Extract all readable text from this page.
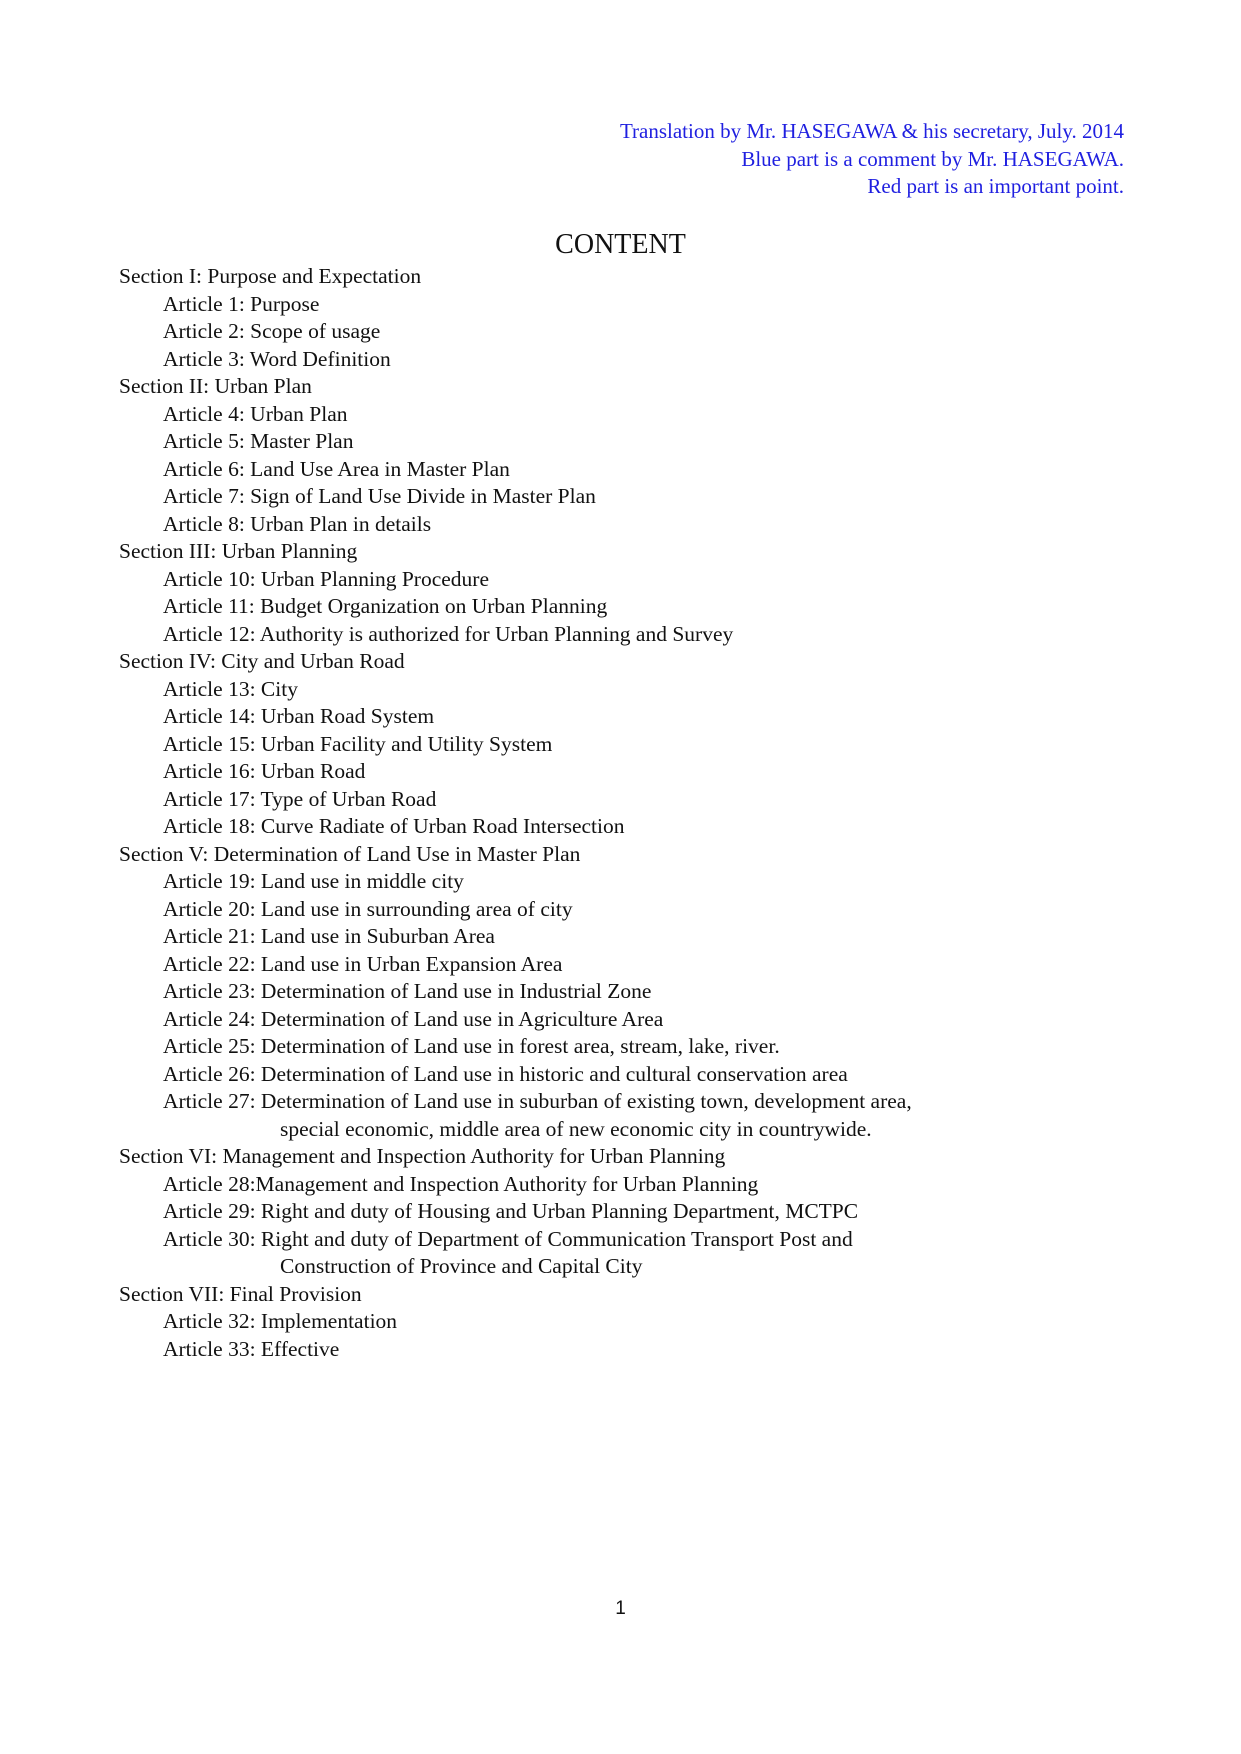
Translation by Mr. HASEGAWA & his secretary, July. 2014
Blue part is a comment by Mr. HASEGAWA.
Red part is an important point.
CONTENT
Section I: Purpose and Expectation
Article 1: Purpose
Article 2: Scope of usage
Article 3: Word Definition
Section II: Urban Plan
Article 4: Urban Plan
Article 5: Master Plan
Article 6: Land Use Area in Master Plan
Article 7: Sign of Land Use Divide in Master Plan
Article 8: Urban Plan in details
Section III: Urban Planning
Article 10: Urban Planning Procedure
Article 11: Budget Organization on Urban Planning
Article 12: Authority is authorized for Urban Planning and Survey
Section IV: City and Urban Road
Article 13: City
Article 14: Urban Road System
Article 15: Urban Facility and Utility System
Article 16: Urban Road
Article 17: Type of Urban Road
Article 18: Curve Radiate of Urban Road Intersection
Section V: Determination of Land Use in Master Plan
Article 19: Land use in middle city
Article 20: Land use in surrounding area of city
Article 21: Land use in Suburban Area
Article 22: Land use in Urban Expansion Area
Article 23: Determination of Land use in Industrial Zone
Article 24: Determination of Land use in Agriculture Area
Article 25: Determination of Land use in forest area, stream, lake, river.
Article 26: Determination of Land use in historic and cultural conservation area
Article 27: Determination of Land use in suburban of existing town, development area,
special economic, middle area of new economic city in countrywide.
Section VI: Management and Inspection Authority for Urban Planning
Article 28:Management and Inspection Authority for Urban Planning
Article 29: Right and duty of Housing and Urban Planning Department, MCTPC
Article 30: Right and duty of Department of Communication Transport Post and
Construction of Province and Capital City
Section VII: Final Provision
Article 32: Implementation
Article 33: Effective
1
